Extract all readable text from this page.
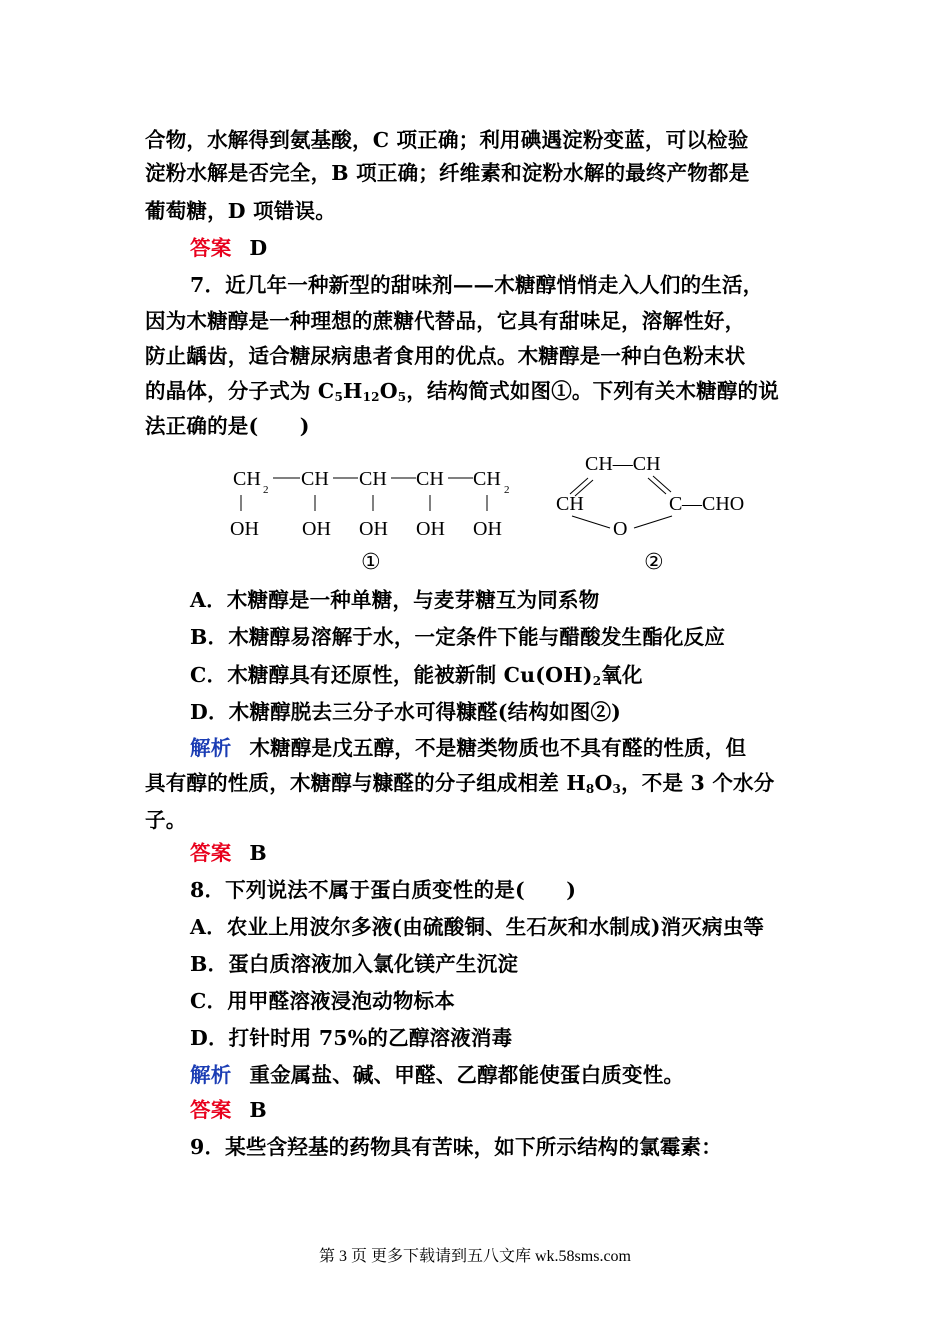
合物，水解得到氨基酸，C 项正确；利用碘遇淀粉变蓝，可以检验
淀粉水解是否完全，B 项正确；纤维素和淀粉水解的最终产物都是
葡萄糖，D 项错误。
答案 D
7．近几年一种新型的甜味剂——木糖醇悄悄走入人们的生活，
因为木糖醇是一种理想的蔗糖代替品，它具有甜味足，溶解性好，
防止龋齿，适合糖尿病患者食用的优点。木糖醇是一种白色粉末状
的晶体，分子式为 $C_5H_{12}O_5$，结构简式如图①。下列有关木糖醇的说
法正确的是(　　)
CH 2 CH CH CH CH 2
OH OH OH OH OH
①
CH—CH
CH	C —CHO
O
②
A．木糖醇是一种单糖，与麦芽糖互为同系物
B．木糖醇易溶解于水，一定条件下能与醋酸发生酯化反应
C．木糖醇具有还原性，能被新制 $Cu(OH)_2$氧化
D．木糖醇脱去三分子水可得糠醛(结构如图②)
解析 木糖醇是戊五醇，不是糖类物质也不具有醛的性质，但
具有醇的性质，木糖醇与糠醛的分子组成相差 $H_8O_3$，不是 3 个水分
子。
答案 B
8．下列说法不属于蛋白质变性的是(　　)
A．农业上用波尔多液(由硫酸铜、生石灰和水制成)消灭病虫等
B．蛋白质溶液加入氯化镁产生沉淀
C．用甲醛溶液浸泡动物标本
D．打针时用 75%的乙醇溶液消毒
解析 重金属盐、碱、甲醛、乙醇都能使蛋白质变性。
答案 B
9．某些含羟基的药物具有苦味，如下所示结构的氯霉素：
第 3 页 更多下载请到五八文库 wk.58sms.com
